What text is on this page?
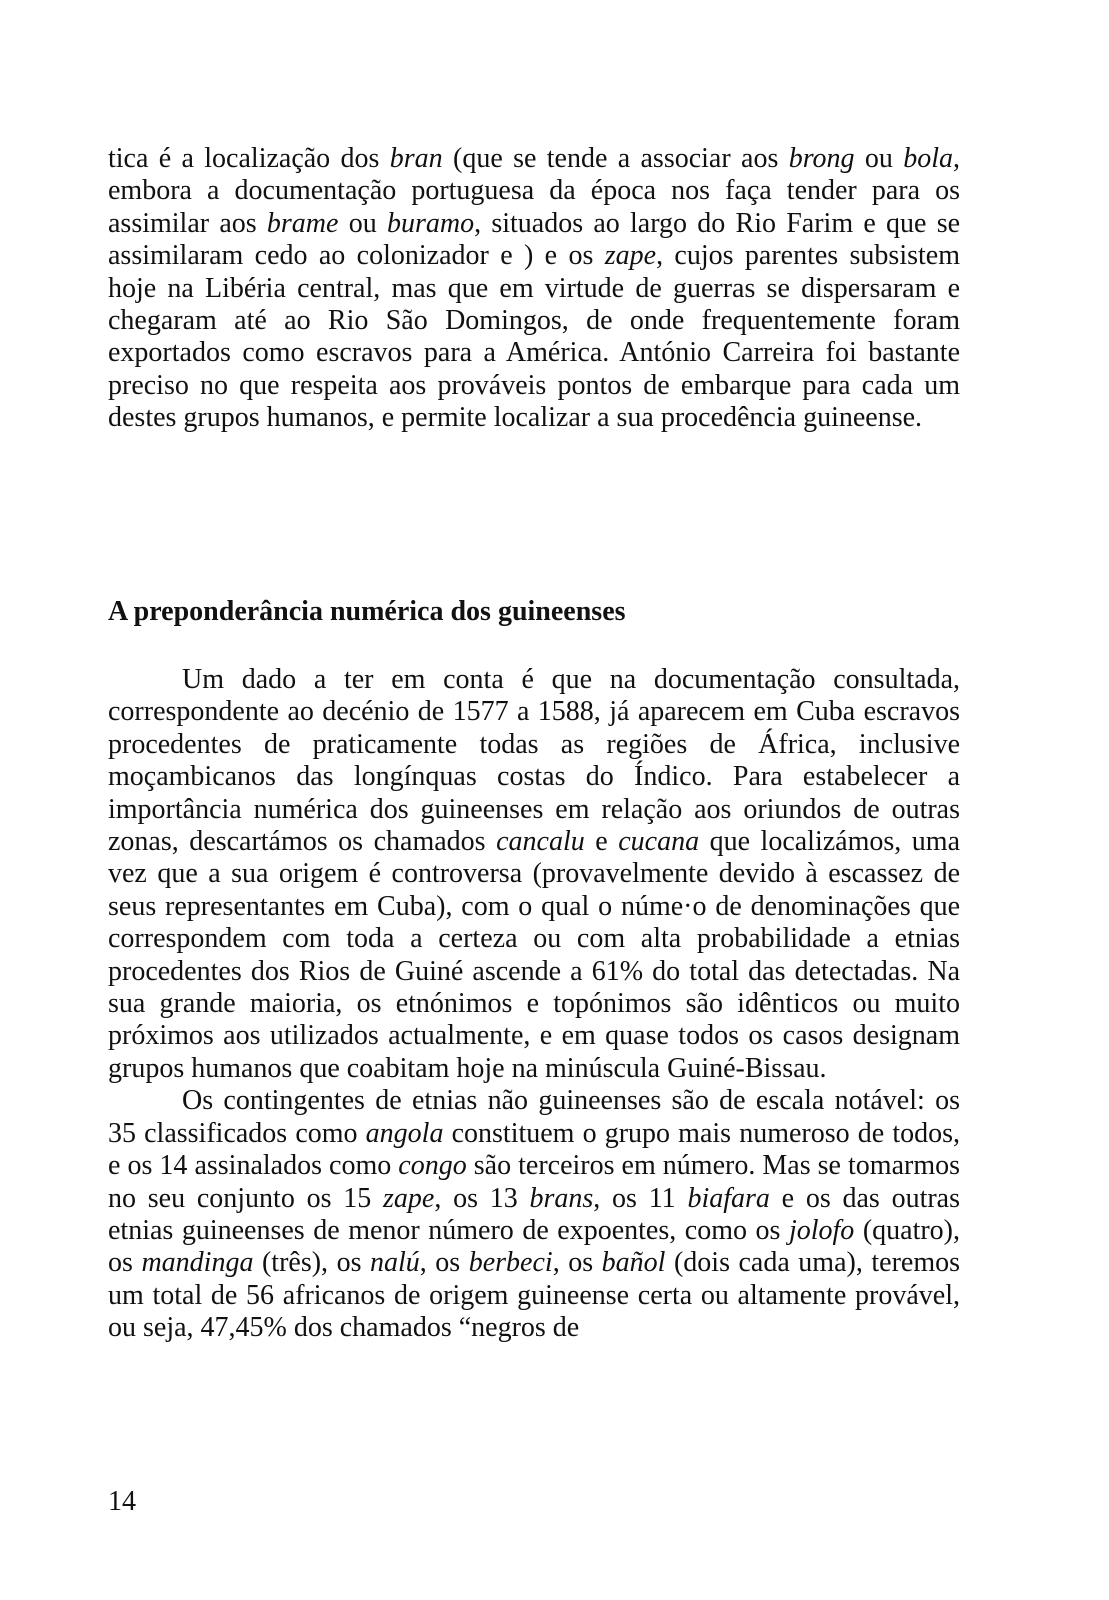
tica é a localização dos bran (que se tende a associar aos brong ou bola, embora a documentação portuguesa da época nos faça tender para os assimilar aos brame ou buramo, situados ao largo do Rio Farim e que se assimilaram cedo ao colonizador e ) e os zape, cujos parentes subsistem hoje na Libéria central, mas que em virtude de guerras se dispersaram e chegaram até ao Rio São Domingos, de onde frequentemente foram exportados como escravos para a América. António Carreira foi bastante preciso no que respeita aos prováveis pontos de embarque para cada um destes grupos humanos, e permite localizar a sua procedência guineense.

A preponderância numérica dos guineenses

Um dado a ter em conta é que na documentação consultada, correspondente ao decénio de 1577 a 1588, já aparecem em Cuba escravos procedentes de praticamente todas as regiões de África, inclusive moçambicanos das longínquas costas do Índico. Para estabelecer a importância numérica dos guineenses em relação aos oriundos de outras zonas, descartámos os chamados cancalu e cucana que localizámos, uma vez que a sua origem é controversa (provavelmente devido à escassez de seus representantes em Cuba), com o qual o núme·o de denominações que correspondem com toda a certeza ou com alta probabilidade a etnias procedentes dos Rios de Guiné ascende a 61% do total das detectadas. Na sua grande maioria, os etnónimos e topónimos são idênticos ou muito próximos aos utilizados actualmente, e em quase todos os casos designam grupos humanos que coabitam hoje na minúscula Guiné-Bissau.

Os contingentes de etnias não guineenses são de escala notável: os 35 classificados como angola constituem o grupo mais numeroso de todos, e os 14 assinalados como congo são terceiros em número. Mas se tomarmos no seu conjunto os 15 zape, os 13 brans, os 11 biafara e os das outras etnias guineenses de menor número de expoentes, como os jolofo (quatro), os mandinga (três), os nalú, os berbeci, os bañol (dois cada uma), teremos um total de 56 africanos de origem guineense certa ou altamente provável, ou seja, 47,45% dos chamados “negros de

14
